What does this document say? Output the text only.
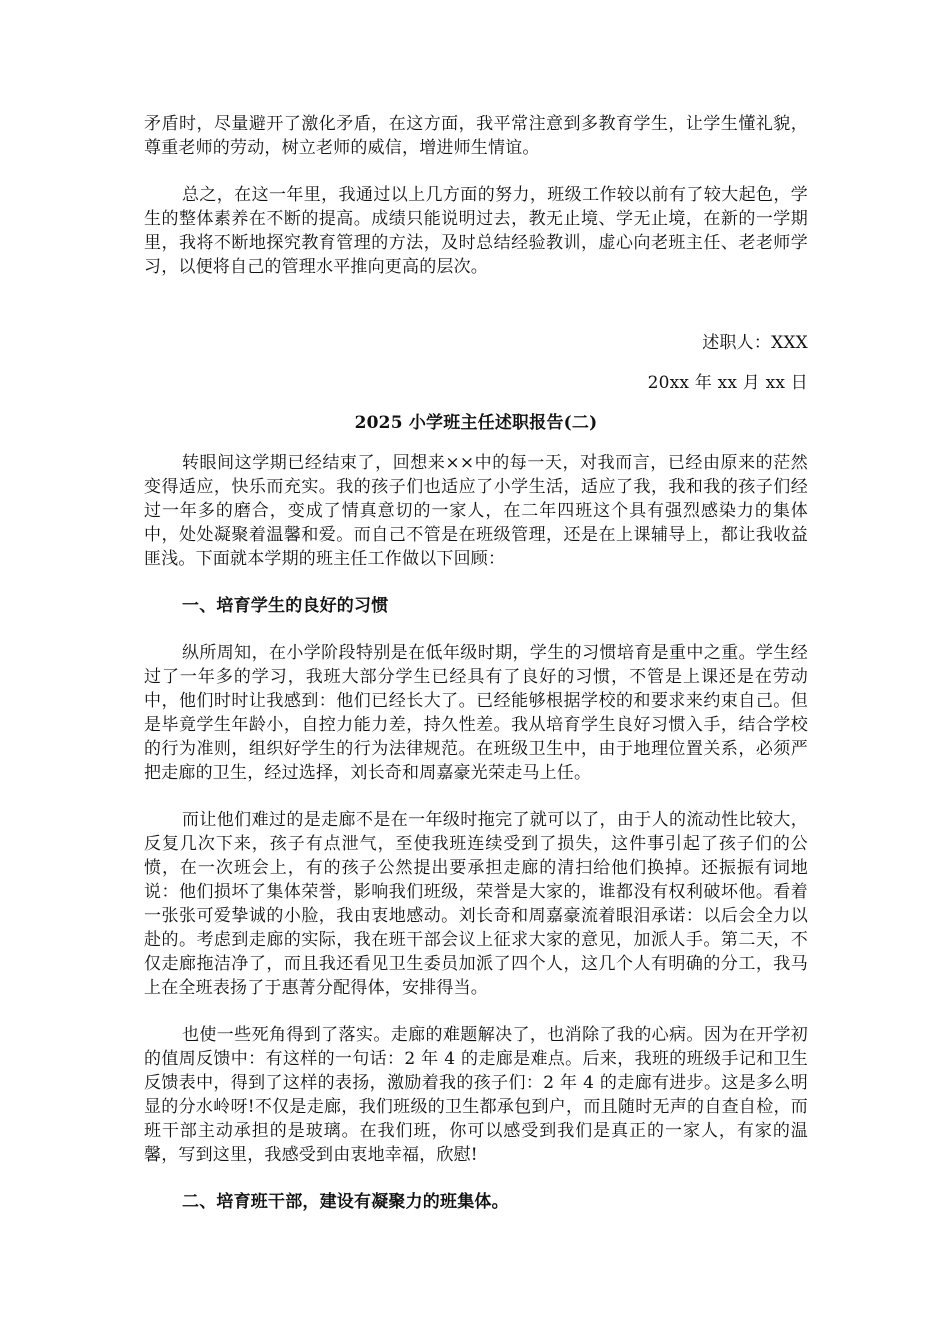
矛盾时，尽量避开了激化矛盾，在这方面，我平常注意到多教育学生，让学生懂礼貌，尊重老师的劳动，树立老师的威信，增进师生情谊。

总之，在这一年里，我通过以上几方面的努力，班级工作较以前有了较大起色，学生的整体素养在不断的提高。成绩只能说明过去，教无止境、学无止境，在新的一学期里，我将不断地探究教育管理的方法，及时总结经验教训，虚心向老班主任、老老师学习，以便将自己的管理水平推向更高的层次。

述职人：XXX

20xx 年 xx 月 xx 日

2025 小学班主任述职报告(二)

转眼间这学期已经结束了，回想来××中的每一天，对我而言，已经由原来的茫然变得适应，快乐而充实。我的孩子们也适应了小学生活，适应了我，我和我的孩子们经过一年多的磨合，变成了情真意切的一家人，在二年四班这个具有强烈感染力的集体中，处处凝聚着温馨和爱。而自己不管是在班级管理，还是在上课辅导上，都让我收益匪浅。下面就本学期的班主任工作做以下回顾：

一、培育学生的良好的习惯

纵所周知，在小学阶段特别是在低年级时期，学生的习惯培育是重中之重。学生经过了一年多的学习，我班大部分学生已经具有了良好的习惯，不管是上课还是在劳动中，他们时时让我感到：他们已经长大了。已经能够根据学校的和要求来约束自己。但是毕竟学生年龄小，自控力能力差，持久性差。我从培育学生良好习惯入手，结合学校的行为准则，组织好学生的行为法律规范。在班级卫生中，由于地理位置关系，必须严把走廊的卫生，经过选择，刘长奇和周嘉豪光荣走马上任。

而让他们难过的是走廊不是在一年级时拖完了就可以了，由于人的流动性比较大，反复几次下来，孩子有点泄气，至使我班连续受到了损失，这件事引起了孩子们的公愤，在一次班会上，有的孩子公然提出要承担走廊的清扫给他们换掉。还振振有词地说：他们损坏了集体荣誉，影响我们班级，荣誉是大家的，谁都没有权利破坏他。看着一张张可爱挚诚的小脸，我由衷地感动。刘长奇和周嘉豪流着眼泪承诺：以后会全力以赴的。考虑到走廊的实际，我在班干部会议上征求大家的意见，加派人手。第二天，不仅走廊拖洁净了，而且我还看见卫生委员加派了四个人，这几个人有明确的分工，我马上在全班表扬了于惠菁分配得体，安排得当。

也使一些死角得到了落实。走廊的难题解决了，也消除了我的心病。因为在开学初的值周反馈中：有这样的一句话：2 年 4 的走廊是难点。后来，我班的班级手记和卫生反馈表中，得到了这样的表扬，激励着我的孩子们：2 年 4 的走廊有进步。这是多么明显的分水岭呀!不仅是走廊，我们班级的卫生都承包到户，而且随时无声的自查自检，而班干部主动承担的是玻璃。在我们班，你可以感受到我们是真正的一家人，有家的温馨，写到这里，我感受到由衷地幸福，欣慰!

二、培育班干部，建设有凝聚力的班集体。
